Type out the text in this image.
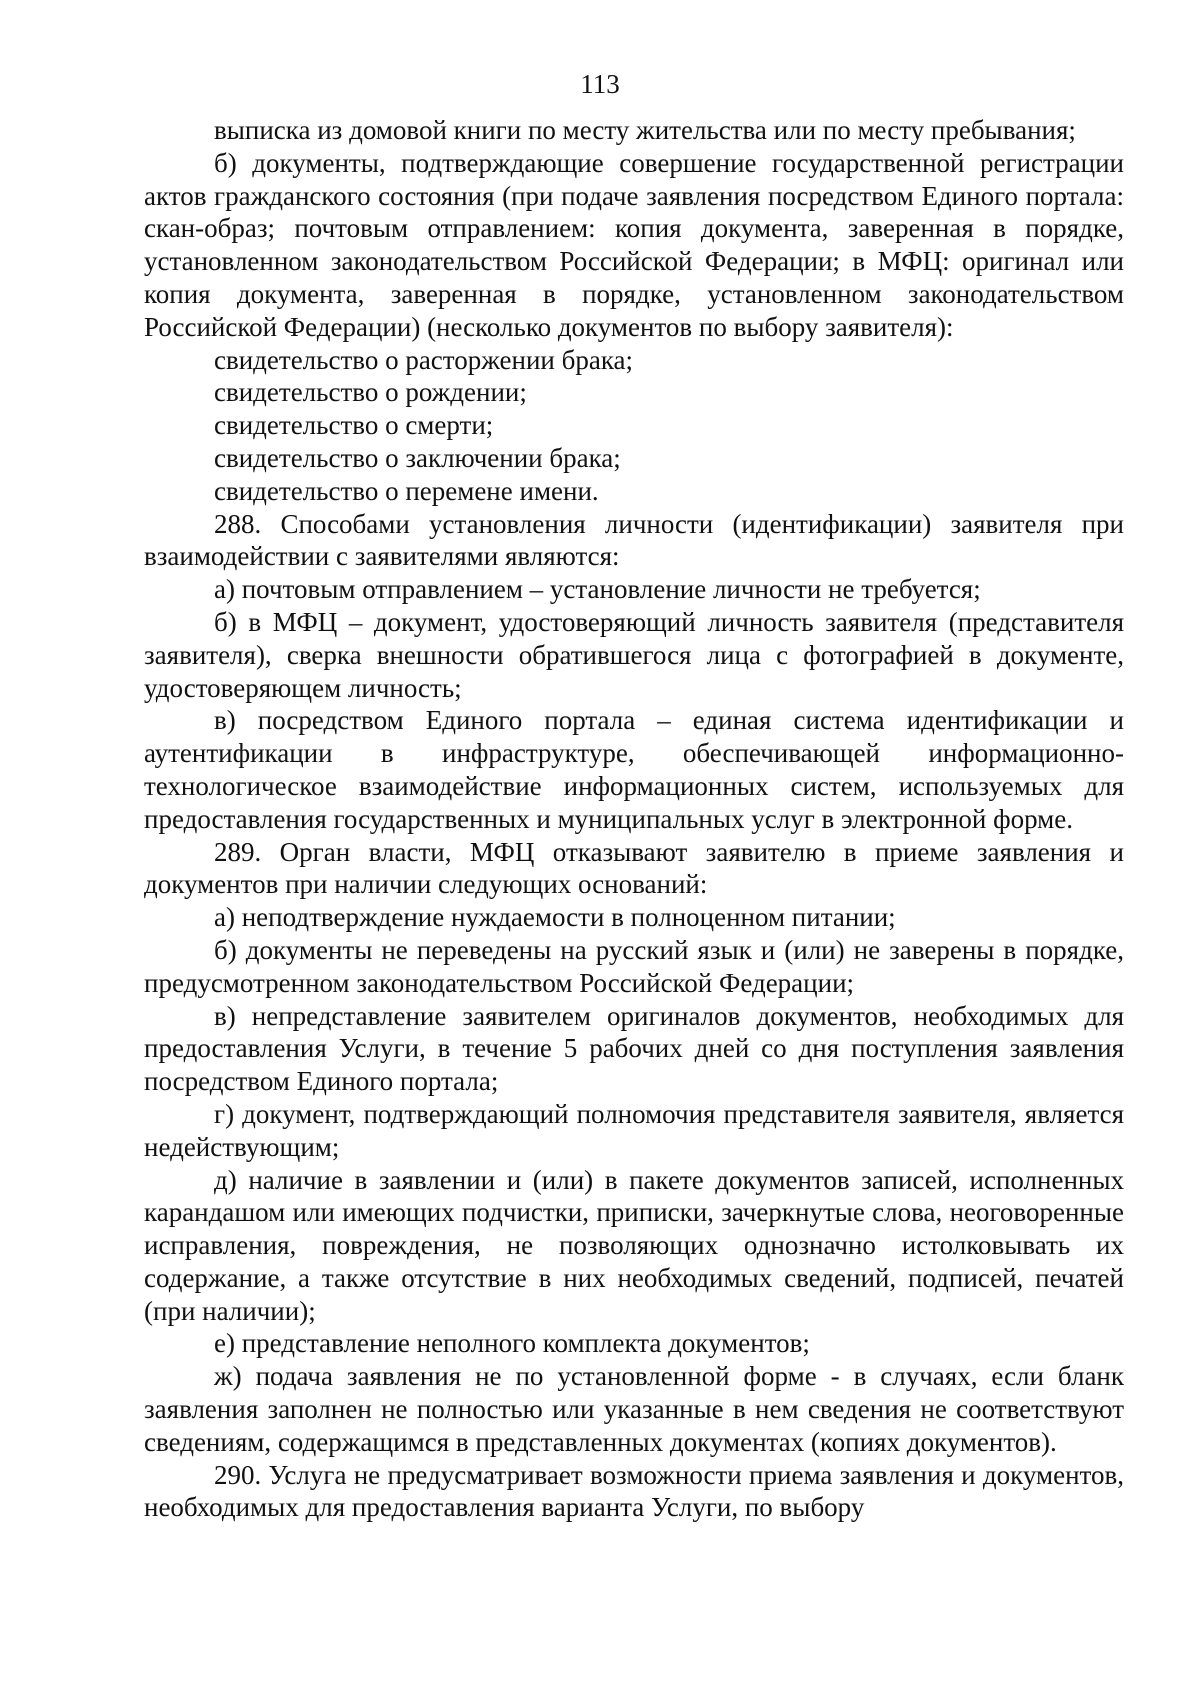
113

выписка из домовой книги по месту жительства или по месту пребывания;

б) документы, подтверждающие совершение государственной регистрации актов гражданского состояния (при подаче заявления посредством Единого портала: скан-образ; почтовым отправлением: копия документа, заверенная в порядке, установленном законодательством Российской Федерации; в МФЦ: оригинал или копия документа, заверенная в порядке, установленном законодательством Российской Федерации) (несколько документов по выбору заявителя):

свидетельство о расторжении брака;

свидетельство о рождении;

свидетельство о смерти;

свидетельство о заключении брака;

свидетельство о перемене имени.

288. Способами установления личности (идентификации) заявителя при взаимодействии с заявителями являются:

а) почтовым отправлением – установление личности не требуется;

б) в МФЦ – документ, удостоверяющий личность заявителя (представителя заявителя), сверка внешности обратившегося лица с фотографией в документе, удостоверяющем личность;

в) посредством Единого портала – единая система идентификации и аутентификации в инфраструктуре, обеспечивающей информационно-технологическое взаимодействие информационных систем, используемых для предоставления государственных и муниципальных услуг в электронной форме.

289. Орган власти, МФЦ отказывают заявителю в приеме заявления и документов при наличии следующих оснований:

а) неподтверждение нуждаемости в полноценном питании;

б) документы не переведены на русский язык и (или) не заверены в порядке, предусмотренном законодательством Российской Федерации;

в) непредставление заявителем оригиналов документов, необходимых для предоставления Услуги, в течение 5 рабочих дней со дня поступления заявления посредством Единого портала;

г) документ, подтверждающий полномочия представителя заявителя, является недействующим;

д) наличие в заявлении и (или) в пакете документов записей, исполненных карандашом или имеющих подчистки, приписки, зачеркнутые слова, неоговоренные исправления, повреждения, не позволяющих однозначно истолковывать их содержание, а также отсутствие в них необходимых сведений, подписей, печатей (при наличии);

е) представление неполного комплекта документов;

ж) подача заявления не по установленной форме - в случаях, если бланк заявления заполнен не полностью или указанные в нем сведения не соответствуют сведениям, содержащимся в представленных документах (копиях документов).

290. Услуга не предусматривает возможности приема заявления и документов, необходимых для предоставления варианта Услуги, по выбору
